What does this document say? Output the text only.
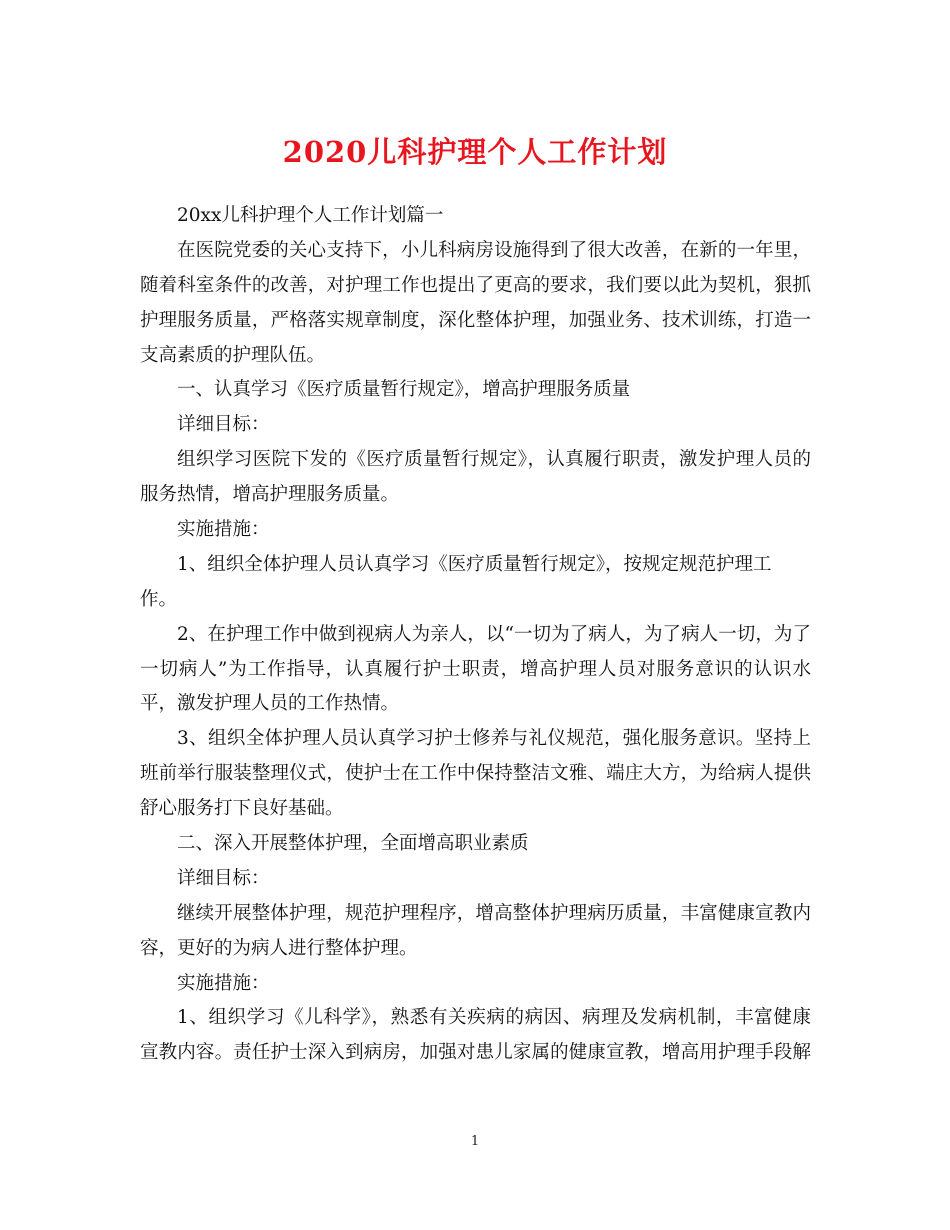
2020儿科护理个人工作计划
20xx儿科护理个人工作计划篇一
在医院党委的关心支持下，小儿科病房设施得到了很大改善，在新的一年里，
随着科室条件的改善，对护理工作也提出了更高的要求，我们要以此为契机，狠抓
护理服务质量，严格落实规章制度，深化整体护理，加强业务、技术训练，打造一
支高素质的护理队伍。
一、认真学习《医疗质量暂行规定》，增高护理服务质量
详细目标：
组织学习医院下发的《医疗质量暂行规定》，认真履行职责，激发护理人员的
服务热情，增高护理服务质量。
实施措施：
1、组织全体护理人员认真学习《医疗质量暂行规定》，按规定规范护理工
作。
2、在护理工作中做到视病人为亲人，以“一切为了病人，为了病人一切，为了
一切病人”为工作指导，认真履行护士职责，增高护理人员对服务意识的认识水
平，激发护理人员的工作热情。
3、组织全体护理人员认真学习护士修养与礼仪规范，强化服务意识。坚持上
班前举行服装整理仪式，使护士在工作中保持整洁文雅、端庄大方，为给病人提供
舒心服务打下良好基础。
二、深入开展整体护理，全面增高职业素质
详细目标：
继续开展整体护理，规范护理程序，增高整体护理病历质量，丰富健康宣教内
容，更好的为病人进行整体护理。
实施措施：
1、组织学习《儿科学》，熟悉有关疾病的病因、病理及发病机制，丰富健康
宣教内容。责任护士深入到病房，加强对患儿家属的健康宣教，增高用护理手段解
1
